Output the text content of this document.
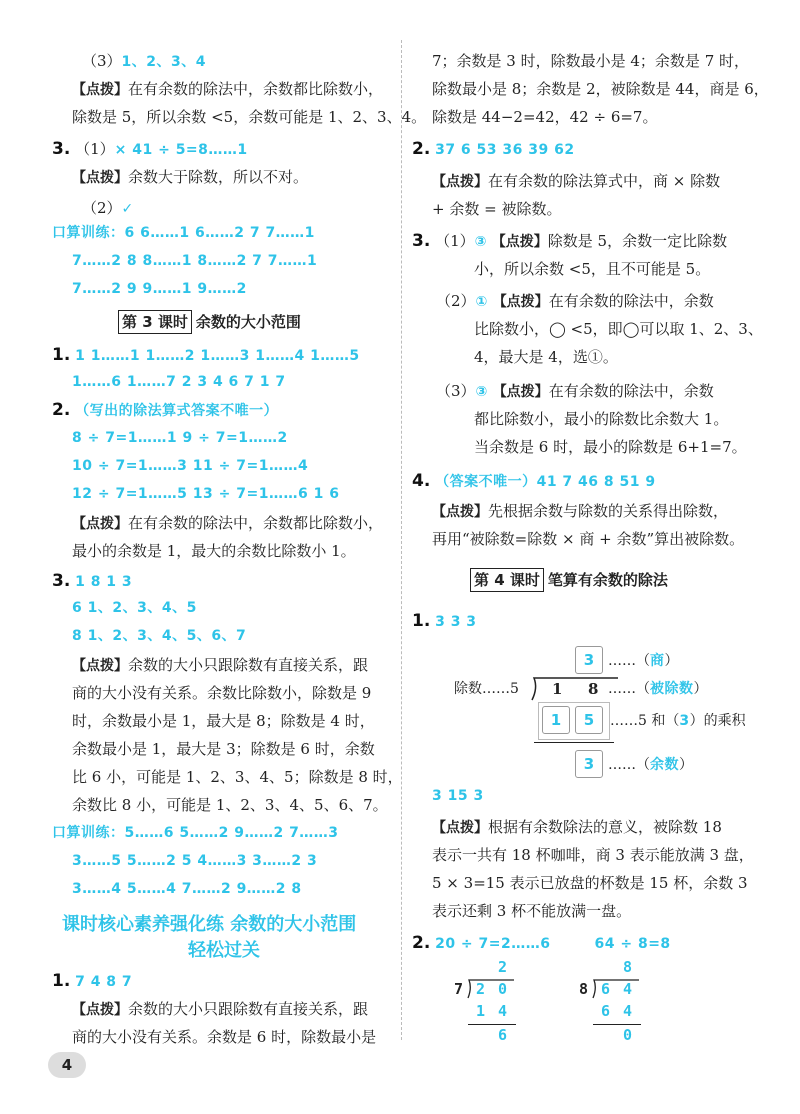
（3）1、2、3、4
【点拨】在有余数的除法中，余数都比除数小，
除数是 5，所以余数 <5，余数可能是 1、2、3、4。
3. （1）× 41 ÷ 5=8……1
【点拨】余数大于除数，所以不对。
（2）✓
口算训练：6 6……1 6……2 7 7……1
7……2 8 8……1 8……2 7 7……1
7……2 9 9……1 9……2
第 3 课时 余数的大小范围
1. 1 1……1 1……2 1……3 1……4 1……5
1……6 1……7 2 3 4 6 7 1 7
2. （写出的除法算式答案不唯一）
8 ÷ 7=1……1 9 ÷ 7=1……2
10 ÷ 7=1……3 11 ÷ 7=1……4
12 ÷ 7=1……5 13 ÷ 7=1……6 1 6
【点拨】在有余数的除法中，余数都比除数小，
最小的余数是 1，最大的余数比除数小 1。
3. 1 8 1 3
6 1、2、3、4、5
8 1、2、3、4、5、6、7
【点拨】余数的大小只跟除数有直接关系，跟
商的大小没有关系。余数比除数小，除数是 9
时，余数最小是 1，最大是 8；除数是 4 时，
余数最小是 1，最大是 3；除数是 6 时，余数
比 6 小，可能是 1、2、3、4、5；除数是 8 时，
余数比 8 小，可能是 1、2、3、4、5、6、7。
口算训练：5……6 5……2 9……2 7……3
3……5 5……2 5 4……3 3……2 3
3……4 5……4 7……2 9……2 8
课时核心素养强化练 余数的大小范围
轻松过关
1. 7 4 8 7
【点拨】余数的大小只跟除数有直接关系，跟
商的大小没有关系。余数是 6 时，除数最小是
7；余数是 3 时，除数最小是 4；余数是 7 时，
除数最小是 8；余数是 2，被除数是 44，商是 6，
除数是 44−2=42，42 ÷ 6=7。
2. 37 6 53 36 39 62
【点拨】在有余数的除法算式中，商 × 除数
+ 余数 = 被除数。
3. （1）③ 【点拨】除数是 5，余数一定比除数
小，所以余数 <5，且不可能是 5。
（2）① 【点拨】在有余数的除法中，余数
比除数小，◯ <5，即◯可以取 1、2、3、
4，最大是 4，选①。
（3）③ 【点拨】在有余数的除法中，余数
都比除数小，最小的除数比余数大 1。
当余数是 6 时，最小的除数是 6+1=7。
4. （答案不唯一）41 7 46 8 51 9
【点拨】先根据余数与除数的关系得出除数，
再用“被除数=除数 × 商 + 余数”算出被除数。
第 4 课时 笔算有余数的除法
1. 3 3 3
3 ……（商）
除数……5 1 8 ……（被除数）
1	5	……5 和（3）的乘积
3 ……（余数）
3 15 3
【点拨】根据有余数除法的意义，被除数 18
表示一共有 18 杯咖啡，商 3 表示能放满 3 盘，
5 × 3=15 表示已放盘的杯数是 15 杯，余数 3
表示还剩 3 杯不能放满一盘。
2. 20 ÷ 7=2……6	64 ÷ 8=8
2
7 2 0
1 4
6
8
8 6 4
6 4
0
4
